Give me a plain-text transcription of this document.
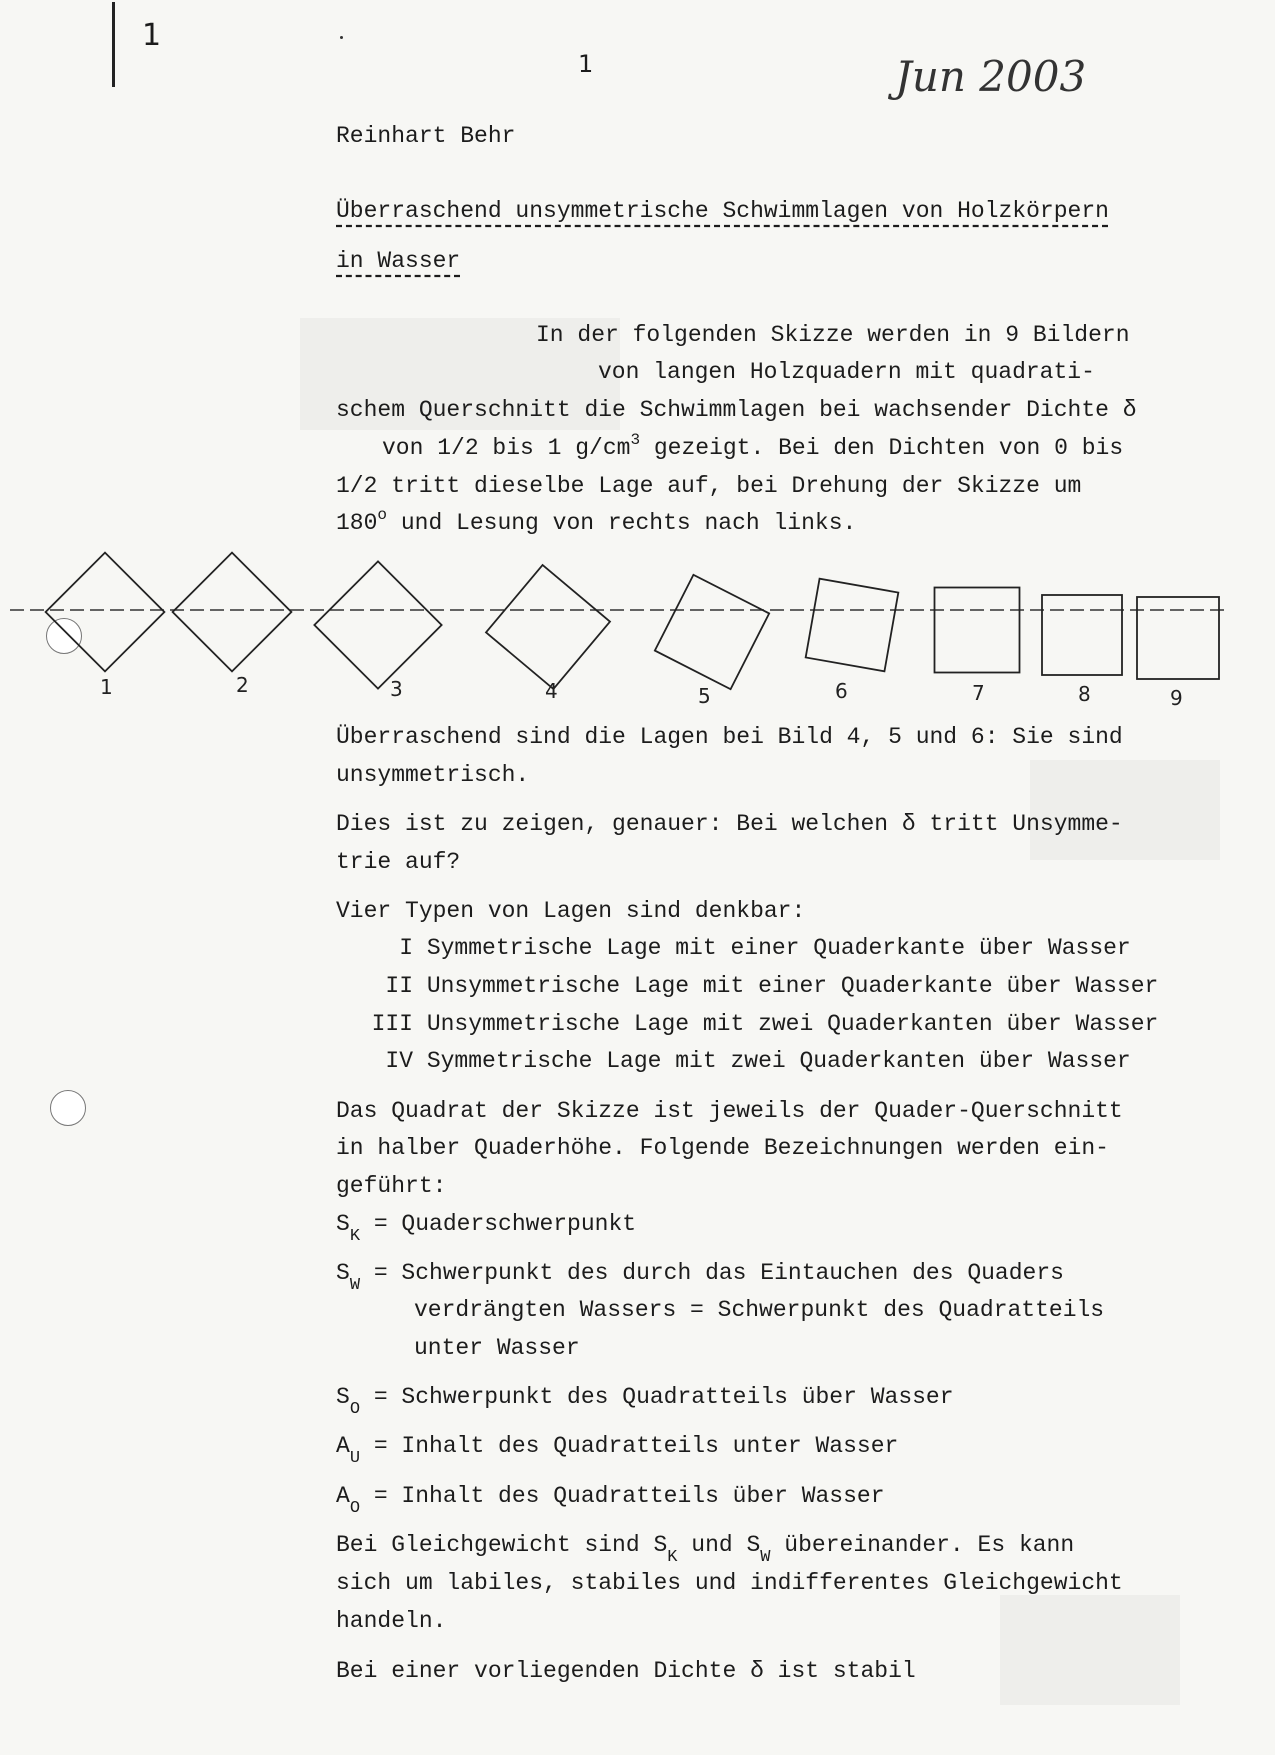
1
1	Jun 2003
Reinhart Behr
Überraschend unsymmetrische Schwimmlagen von Holzkörpern
in Wasser
In der folgenden Skizze werden in 9 Bildern
von langen Holzquadern mit quadrati-
schem Querschnitt die Schwimmlagen bei wachsender Dichte δ
von 1/2 bis 1 $g/cm^3$ gezeigt. Bei den Dichten von 0 bis
1/2 tritt dieselbe Lage auf, bei Drehung der Skizze um
180$^o$ und Lesung von rechts nach links.
1	2	3	4	5	6	7	8	9
Überraschend sind die Lagen bei Bild 4, 5 und 6: Sie sind
unsymmetrisch.
Dies ist zu zeigen, genauer: Bei welchen δ tritt Unsymme-
trie auf?
Vier Typen von Lagen sind denkbar:
I Symmetrische Lage mit einer Quaderkante über Wasser
II Unsymmetrische Lage mit einer Quaderkante über Wasser
III Unsymmetrische Lage mit zwei Quaderkanten über Wasser
IV Symmetrische Lage mit zwei Quaderkanten über Wasser
Das Quadrat der Skizze ist jeweils der Quader-Querschnitt
in halber Quaderhöhe. Folgende Bezeichnungen werden ein-
geführt:
$S_K$ = Quaderschwerpunkt
$S_W$ = Schwerpunkt des durch das Eintauchen des Quaders
verdrängten Wassers = Schwerpunkt des Quadratteils
unter Wasser
$S_O$ = Schwerpunkt des Quadratteils über Wasser
$A_U$ = Inhalt des Quadratteils unter Wasser
$A_O$ = Inhalt des Quadratteils über Wasser
Bei Gleichgewicht sind $S_K$ und $S_W$ übereinander. Es kann
sich um labiles, stabiles und indifferentes Gleichgewicht
handeln.
Bei einer vorliegenden Dichte δ ist stabil
